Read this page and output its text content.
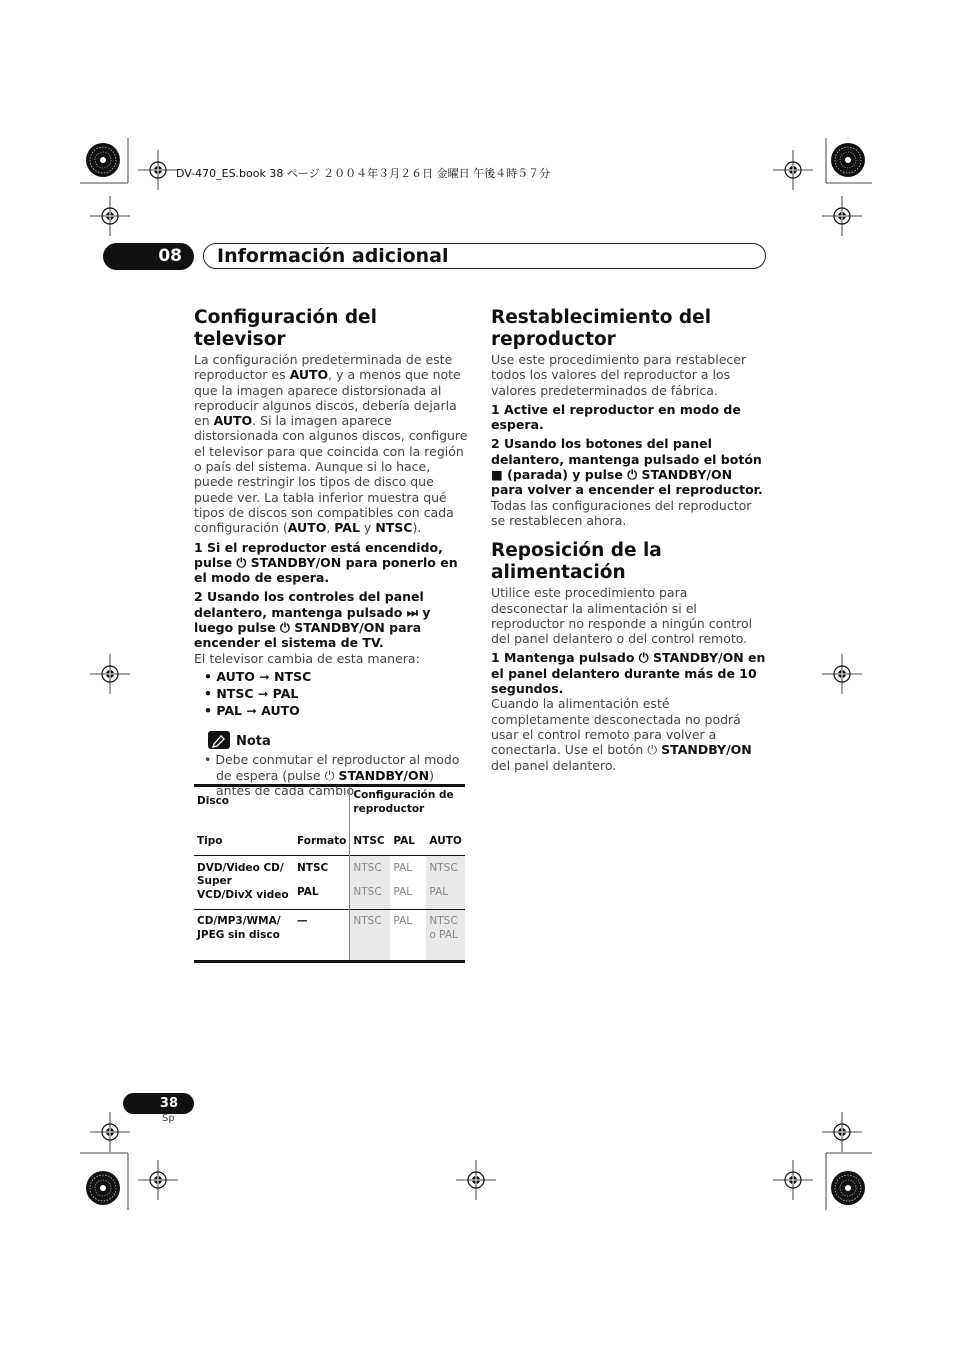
DV-470_ES.book 38 ページ ２００４年３月２６日 金曜日 午後４時５７分
08	Información adicional
Configuración del televisor
La configuración predeterminada de este reproductor es AUTO, y a menos que note que la imagen aparece distorsionada al reproducir algunos discos, debería dejarla en AUTO. Si la imagen aparece distorsionada con algunos discos, configure el televisor para que coincida con la región o país del sistema. Aunque si lo hace, puede restringir los tipos de disco que puede ver. La tabla inferior muestra qué tipos de discos son compatibles con cada configuración (AUTO, PAL y NTSC).
1 Si el reproductor está encendido, pulse ⏻ STANDBY/ON para ponerlo en el modo de espera.
2 Usando los controles del panel delantero, mantenga pulsado ⏭ y luego pulse ⏻ STANDBY/ON para encender el sistema de TV.
El televisor cambia de esta manera:
• AUTO ➞ NTSC
• NTSC ➞ PAL
• PAL ➞ AUTO
Nota
• Debe conmutar el reproductor al modo de espera (pulse ⏻ STANDBY/ON) antes de cada cambio.
Disco		Configuración de reproductor		
Tipo	Formato	NTSC	PAL	AUTO

DVD/Video CD/ Super VCD/DivX video	NTSC	NTSC	PAL	NTSC
	PAL	NTSC	PAL	PAL

CD/MP3/WMA/ JPEG sin disco	—	NTSC	PAL	NTSC o PAL
Restablecimiento del reproductor
Use este procedimiento para restablecer todos los valores del reproductor a los valores predeterminados de fábrica.
1 Active el reproductor en modo de espera.
2 Usando los botones del panel delantero, mantenga pulsado el botón ■ (parada) y pulse ⏻ STANDBY/ON para volver a encender el reproductor.
Todas las configuraciones del reproductor se restablecen ahora.
Reposición de la alimentación
Utilice este procedimiento para desconectar la alimentación si el reproductor no responde a ningún control del panel delantero o del control remoto.
1 Mantenga pulsado ⏻ STANDBY/ON en el panel delantero durante más de 10 segundos.
Cuando la alimentación esté completamente desconectada no podrá usar el control remoto para volver a conectarla. Use el botón ⏻ STANDBY/ON del panel delantero.
38
Sp
